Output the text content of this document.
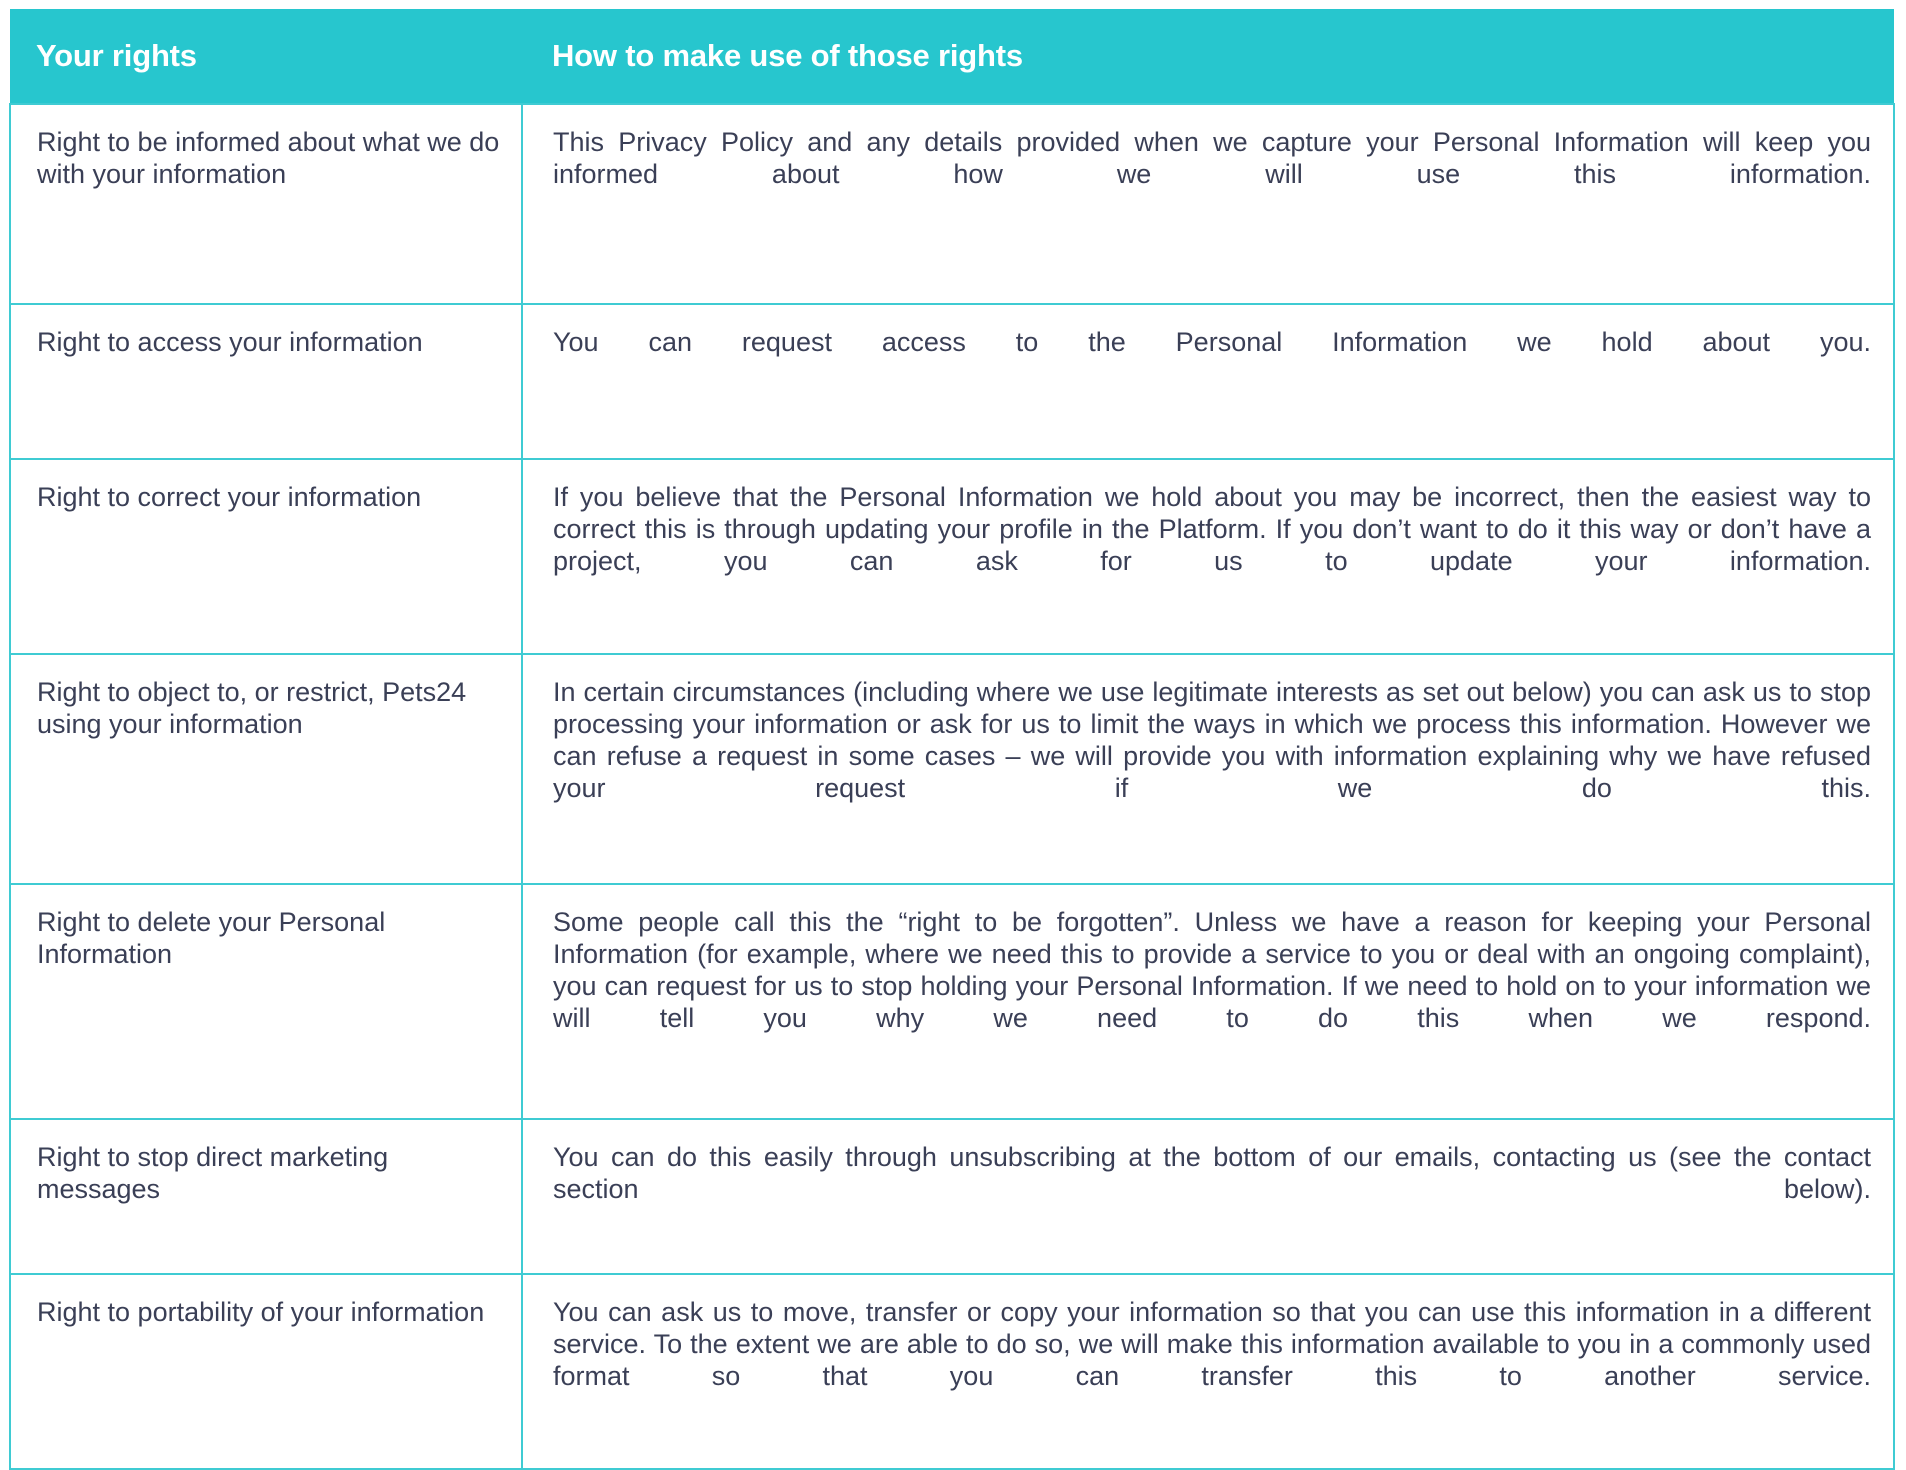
Your rights	How to make use of those rights
Right to be informed about what we do with your information	This Privacy Policy and any details provided when we capture your Personal Information will keep you informed about how we will use this information.

Right to access your information	You can request access to the Personal Information we hold about you.

Right to correct your information	If you believe that the Personal Information we hold about you may be incorrect, then the easiest way to correct this is through updating your profile in the Platform. If you don’t want to do it this way or don’t have a project, you can ask for us to update your information.

Right to object to, or restrict, Pets24 using your information	In certain circumstances (including where we use legitimate interests as set out below) you can ask us to stop processing your information or ask for us to limit the ways in which we process this information. However we can refuse a request in some cases – we will provide you with information explaining why we have refused your request if we do this.

Right to delete your Personal Information	Some people call this the “right to be forgotten”. Unless we have a reason for keeping your Personal Information (for example, where we need this to provide a service to you or deal with an ongoing complaint), you can request for us to stop holding your Personal Information. If we need to hold on to your information we will tell you why we need to do this when we respond.

Right to stop direct marketing messages	You can do this easily through unsubscribing at the bottom of our emails, contacting us (see the contact section below).

Right to portability of your information	You can ask us to move, transfer or copy your information so that you can use this information in a different service. To the extent we are able to do so, we will make this information available to you in a commonly used format so that you can transfer this to another service.
